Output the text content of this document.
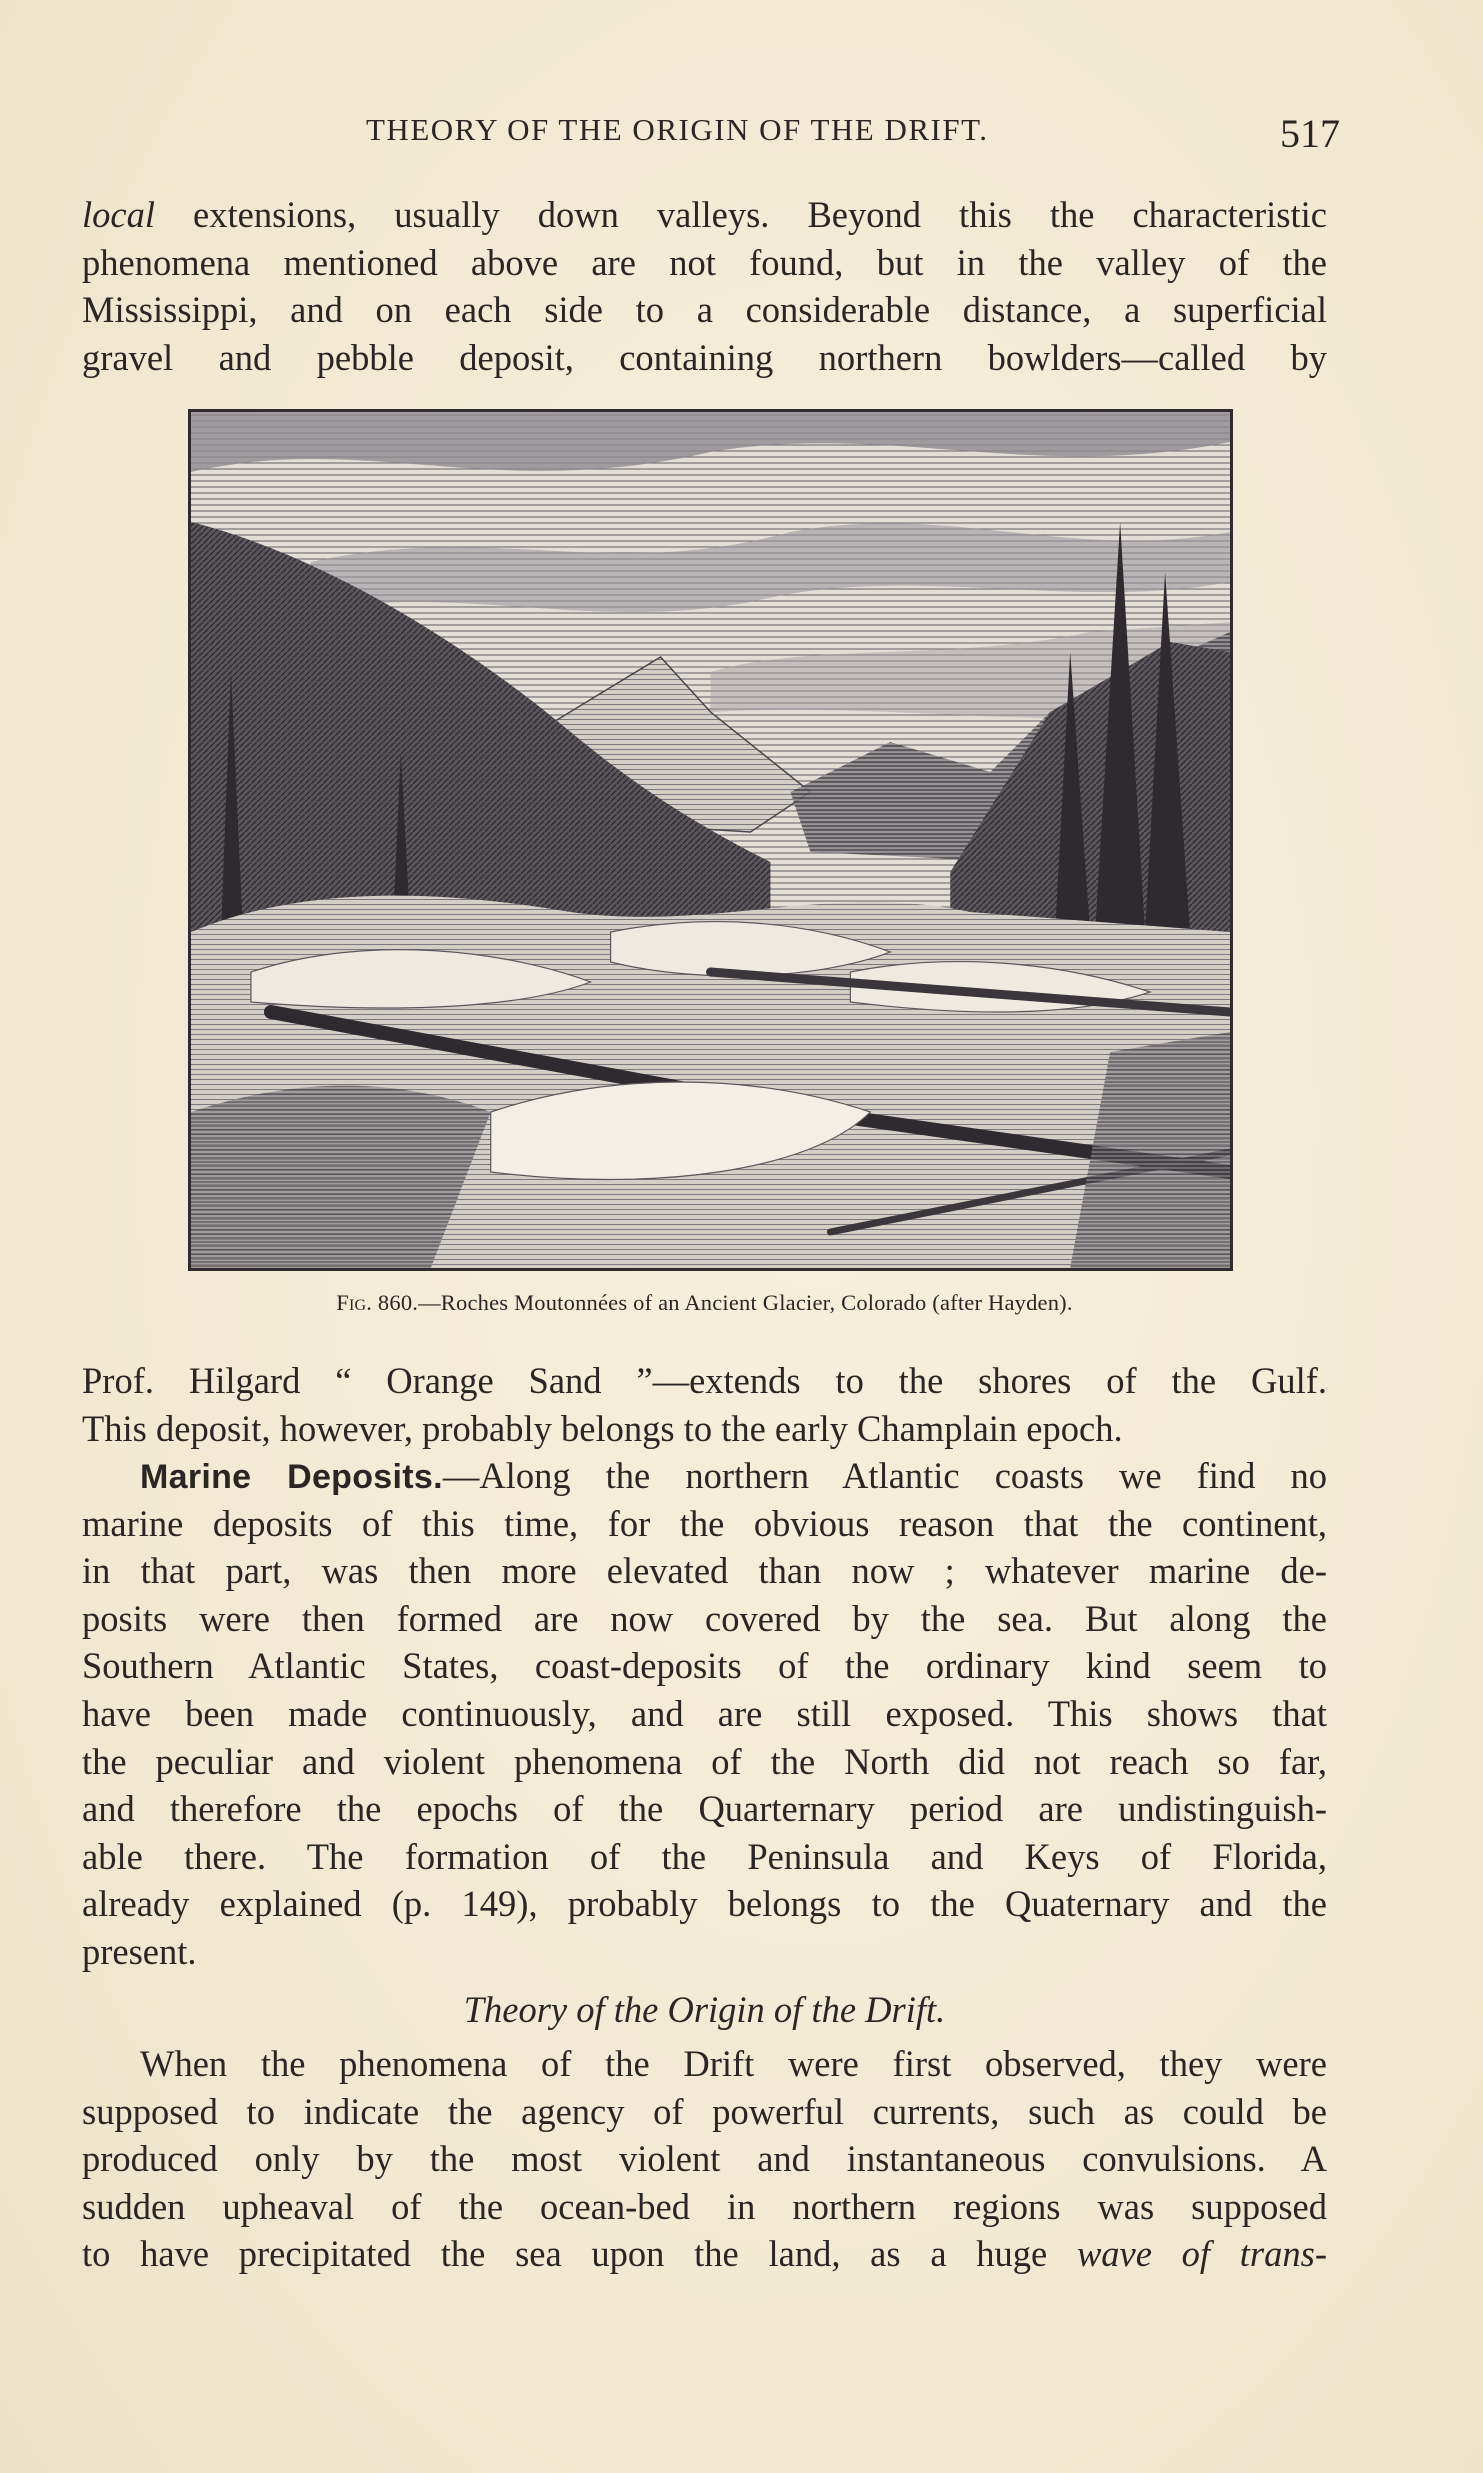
THEORY OF THE ORIGIN OF THE DRIFT.	517
local extensions, usually down valleys. Beyond this the characteristic
phenomena mentioned above are not found, but in the valley of the
Mississippi, and on each side to a considerable distance, a superficial
gravel and pebble deposit, containing northern bowlders—called by
Fig. 860.—Roches Moutonnées of an Ancient Glacier, Colorado (after Hayden).
Prof. Hilgard “ Orange Sand ”—extends to the shores of the Gulf.
This deposit, however, probably belongs to the early Champlain epoch.
Marine Deposits.—Along the northern Atlantic coasts we find no
marine deposits of this time, for the obvious reason that the continent,
in that part, was then more elevated than now ; whatever marine de-
posits were then formed are now covered by the sea. But along the
Southern Atlantic States, coast-deposits of the ordinary kind seem to
have been made continuously, and are still exposed. This shows that
the peculiar and violent phenomena of the North did not reach so far,
and therefore the epochs of the Quarternary period are undistinguish-
able there. The formation of the Peninsula and Keys of Florida,
already explained (p. 149), probably belongs to the Quaternary and the
present.
Theory of the Origin of the Drift.
When the phenomena of the Drift were first observed, they were
supposed to indicate the agency of powerful currents, such as could be
produced only by the most violent and instantaneous convulsions. A
sudden upheaval of the ocean-bed in northern regions was supposed
to have precipitated the sea upon the land, as a huge wave of trans-
